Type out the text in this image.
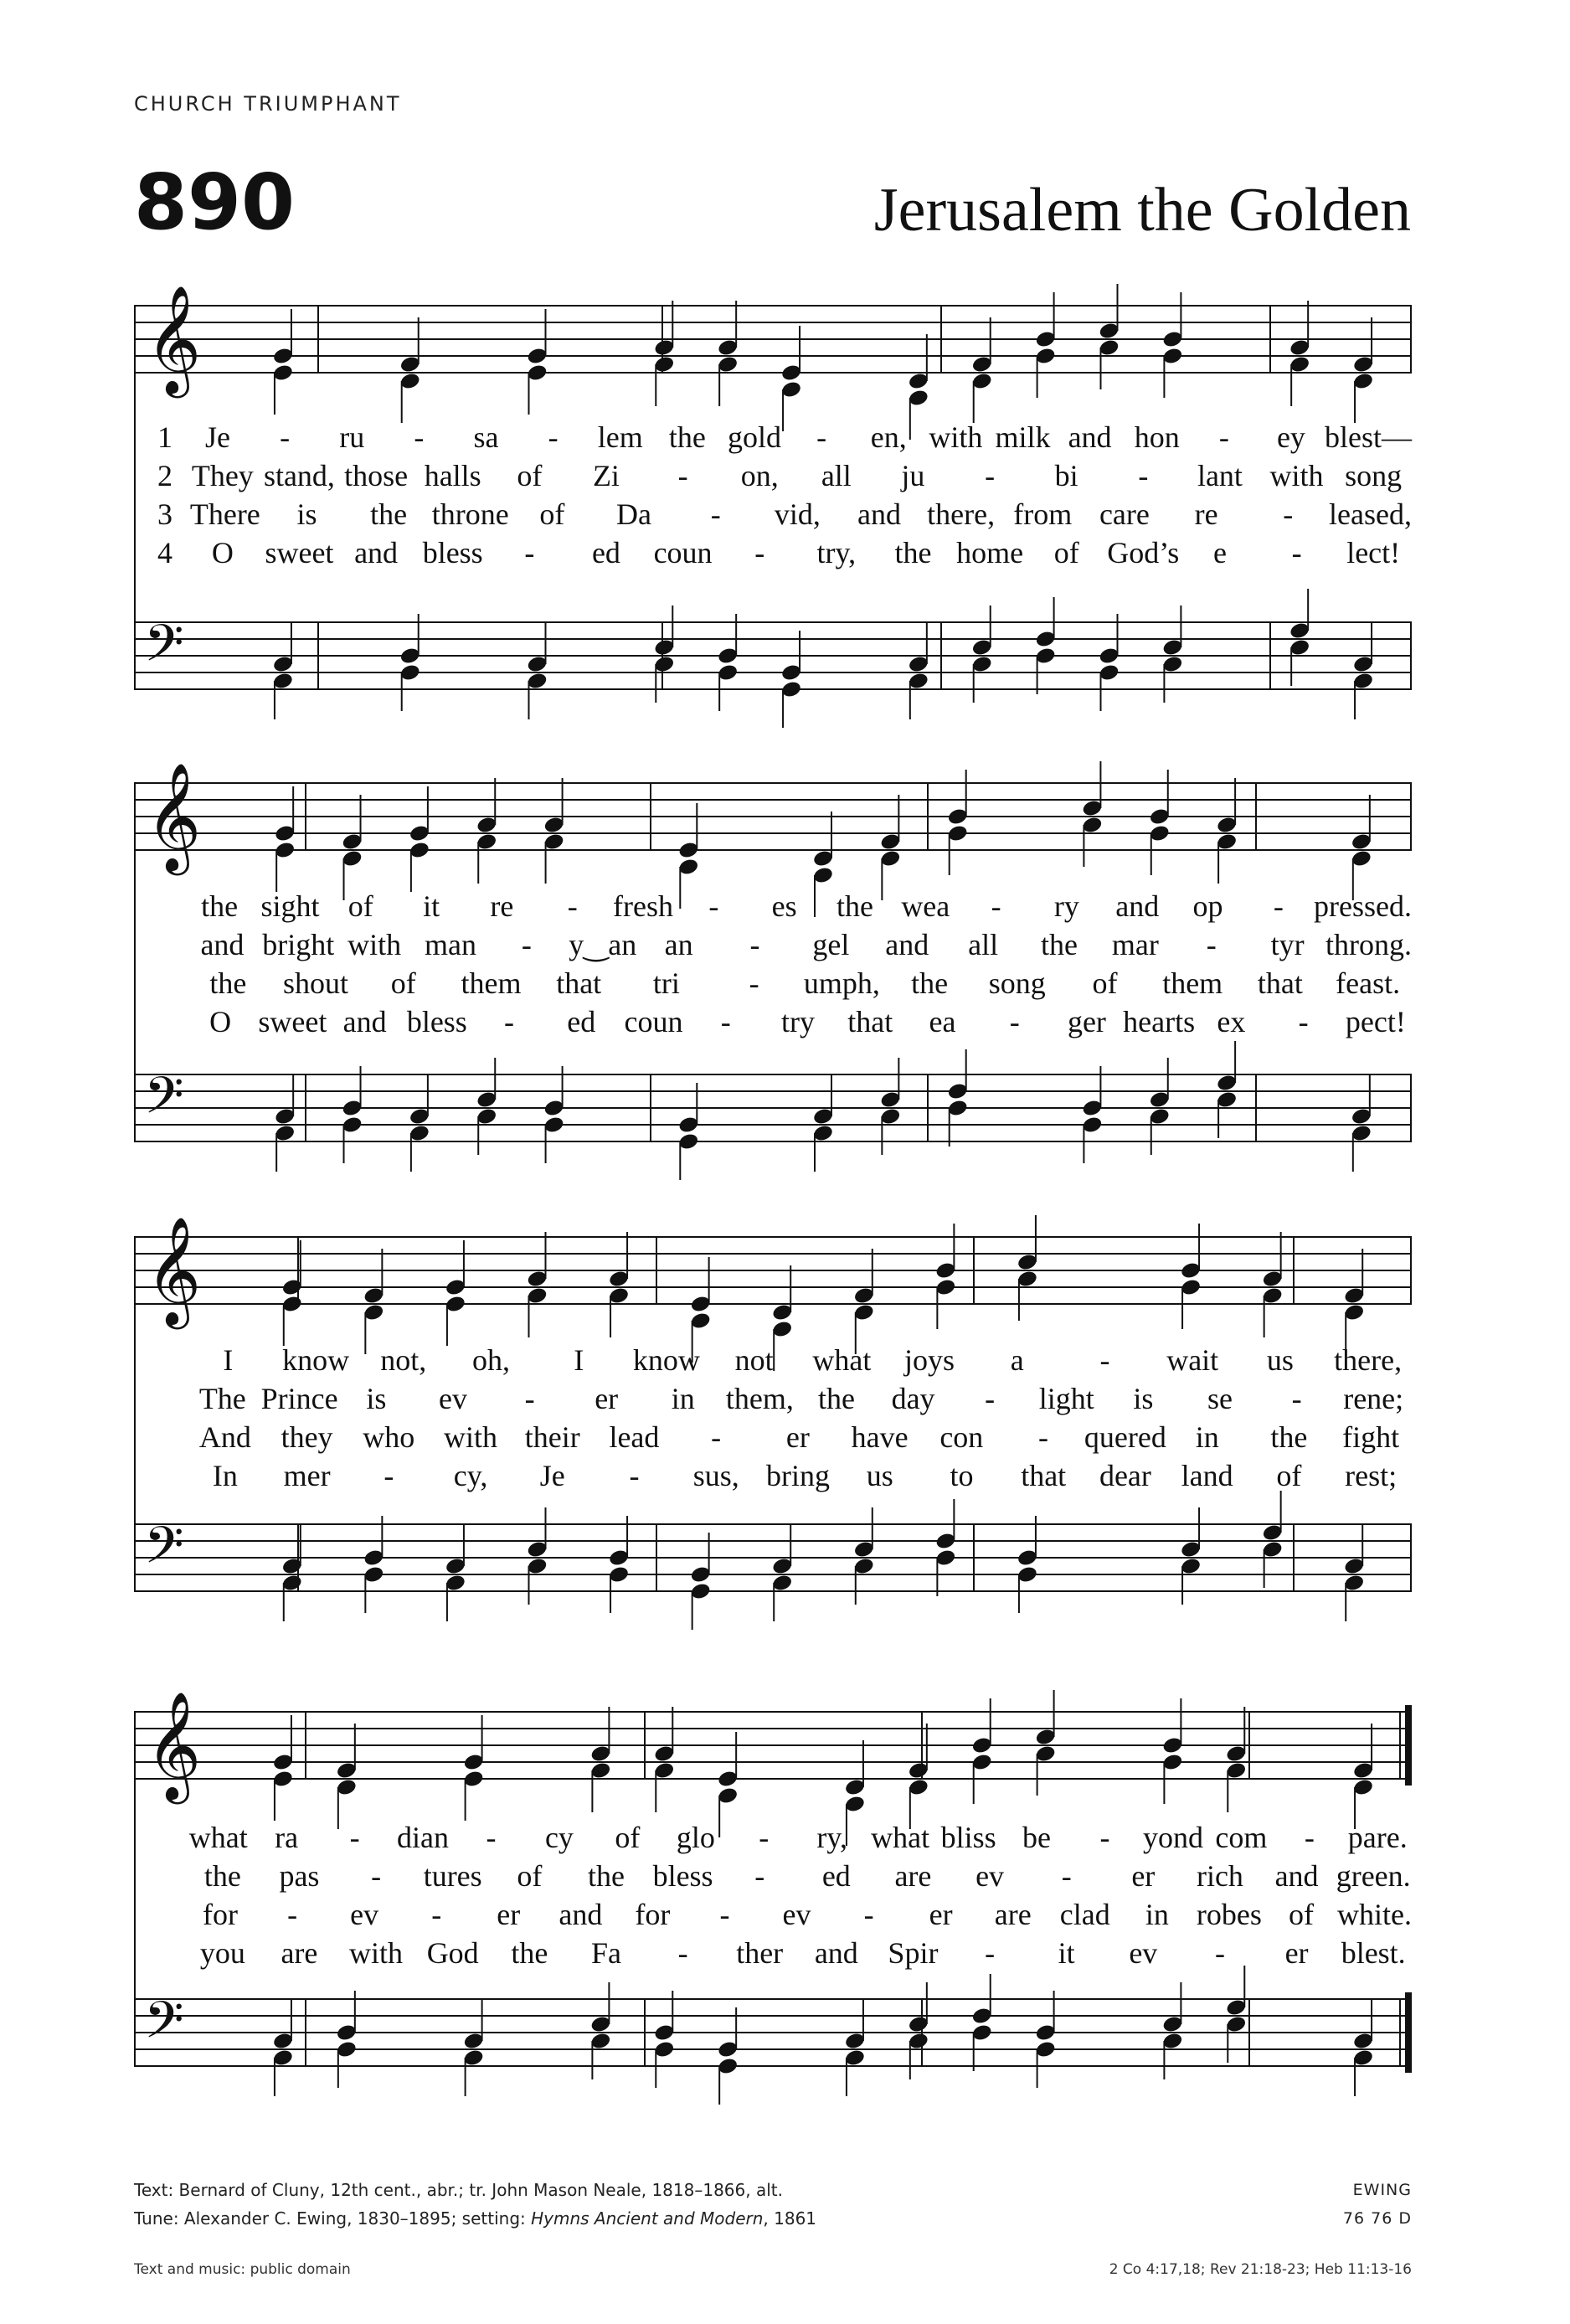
CHURCH TRIUMPHANT
890	Jerusalem the Golden
𝄞
𝄢
1	Je	-	ru	-	sa	-	lem the gold	-	en, with milk and hon	-	ey blest—
2 They stand, those halls	of	Zi	-	on,	all	ju	-	bi	-	lant with song
3 There	is	the throne	of	Da	-	vid,	and there, from care	re	-	leased,
4	O	sweet and bless	-	ed	coun	-	try,	the home	of God’s	e	-	lect!
𝄞
𝄢
the sight of	it	re	-	fresh	-	es	the wea	-	ry	and	op	-	pressed.
and bright with man	-	y‿an an	-	gel	and	all	the	mar	-	tyr throng.
the	shout	of	them	that	tri	-	umph,	the	song	of	them	that	feast.
O sweet and bless	-	ed coun	-	try	that	ea	-	ger hearts ex	-	pect!
𝄞
𝄢
I	know	not,	oh,	I	know	not	what	joys	a	-	wait	us	there,
The Prince is	ev	-	er	in	them, the	day	-	light	is	se	-	rene;
And they who with their lead	-	er	have	con	-	quered in	the	fight
In	mer	-	cy,	Je	-	sus, bring	us	to	that	dear land	of	rest;
𝄞
𝄢
what ra	-	dian	-	cy	of	glo	-	ry, what bliss be	-	yond com	-	pare.
the	pas	-	tures	of	the bless	-	ed	are	ev	-	er	rich	and green.
for	-	ev	-	er	and	for	-	ev	-	er	are clad	in robes of white.
you	are	with God	the	Fa	-	ther	and Spir	-	it	ev	-	er	blest.
Text: Bernard of Cluny, 12th cent., abr.; tr. John Mason Neale, 1818–1866, alt.
Tune: Alexander C. Ewing, 1830–1895; setting: Hymns Ancient and Modern, 1861
EWING
76 76 D
Text and music: public domain	2 Co 4:17,18; Rev 21:18-23; Heb 11:13-16
